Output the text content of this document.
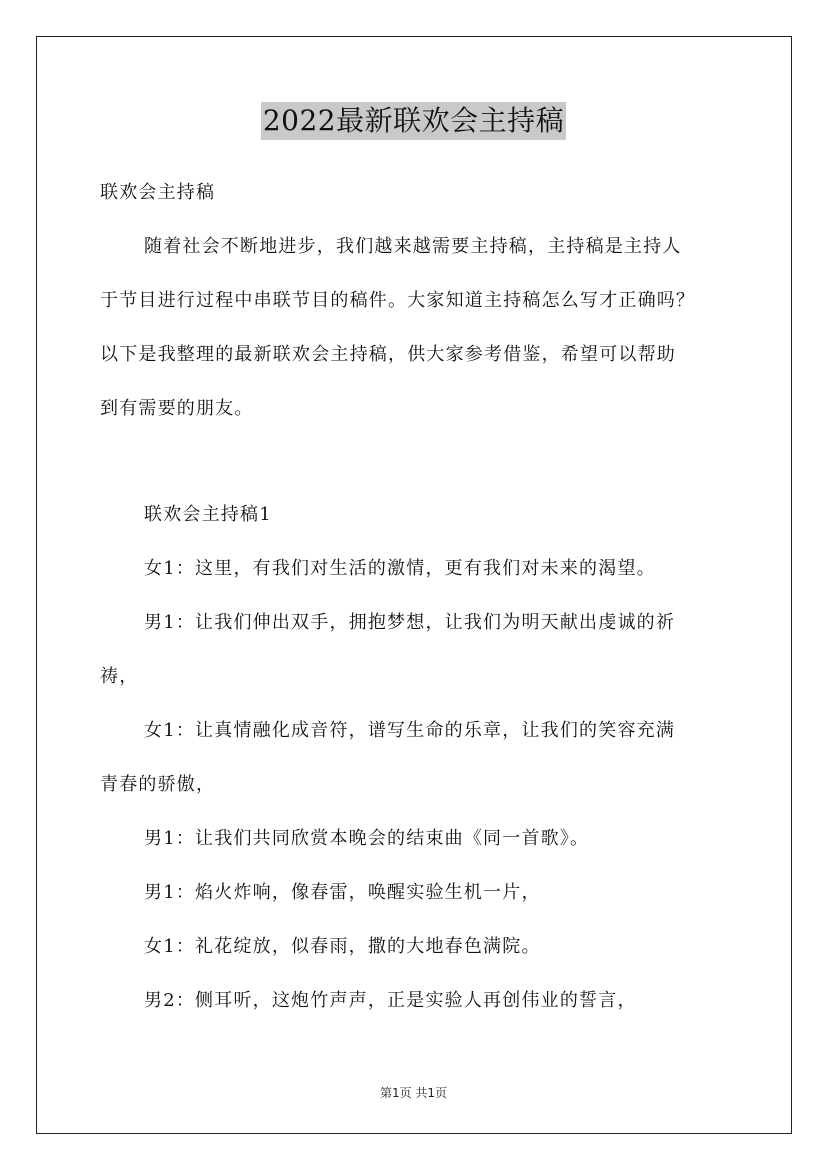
2022最新联欢会主持稿
联欢会主持稿
随着社会不断地进步，我们越来越需要主持稿，主持稿是主持人
于节目进行过程中串联节目的稿件。大家知道主持稿怎么写才正确吗？
以下是我整理的最新联欢会主持稿，供大家参考借鉴，希望可以帮助
到有需要的朋友。
联欢会主持稿1
女1：这里，有我们对生活的激情，更有我们对未来的渴望。
男1：让我们伸出双手，拥抱梦想，让我们为明天献出虔诚的祈
祷，
女1：让真情融化成音符，谱写生命的乐章，让我们的笑容充满
青春的骄傲，
男1：让我们共同欣赏本晚会的结束曲《同一首歌》。
男1：焰火炸响，像春雷，唤醒实验生机一片，
女1：礼花绽放，似春雨，撒的大地春色满院。
男2：侧耳听，这炮竹声声，正是实验人再创伟业的誓言，
第1页 共1页
